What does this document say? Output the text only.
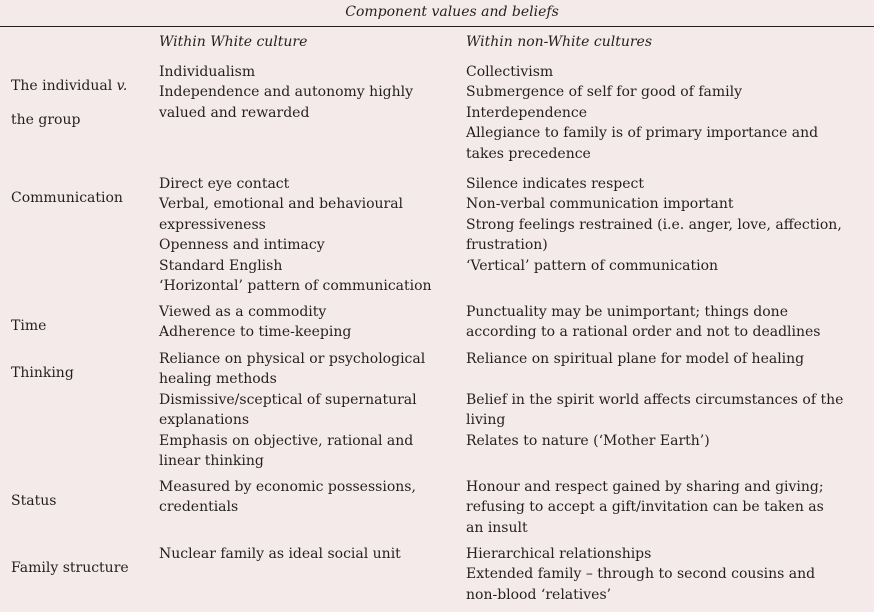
Component values and beliefs
Within White culture	Within non-White cultures

The individual v.

the group

Individualism

Independence and autonomy highly

valued and rewarded

Collectivism

Submergence of self for good of family

Interdependence

Allegiance to family is of primary importance and

takes precedence

Communication

Direct eye contact

Verbal, emotional and behavioural

expressiveness

Openness and intimacy

Standard English

‘Horizontal’ pattern of communication

Silence indicates respect

Non-verbal communication important

Strong feelings restrained (i.e. anger, love, affection,

frustration)

‘Vertical’ pattern of communication

Time

Viewed as a commodity

Adherence to time-keeping

Punctuality may be unimportant; things done

according to a rational order and not to deadlines

Thinking

Reliance on physical or psychological

healing methods

Dismissive/sceptical of supernatural

explanations

Emphasis on objective, rational and

linear thinking

Reliance on spiritual plane for model of healing

Belief in the spirit world affects circumstances of the

living

Relates to nature (‘Mother Earth’)

Status

Measured by economic possessions,

credentials

Honour and respect gained by sharing and giving;

refusing to accept a gift/invitation can be taken as

an insult

Family structure

Nuclear family as ideal social unit	Hierarchical relationships

Extended family – through to second cousins and

non-blood ‘relatives’
